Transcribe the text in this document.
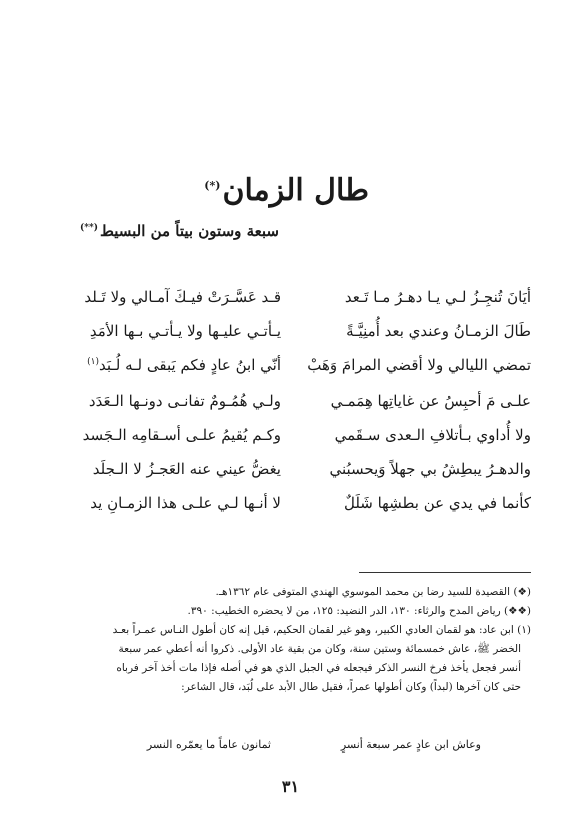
طال الزمان(*)
سبعة وستون بيتاً من البسيط(**)
أيَانَ تُنجِـزُ لـي يـا دهـرُ مـا تَـعد
قـد عَسَّـرَتْ فيـكَ آمـالي ولا تَـلد
طَالَ الزمـانُ وعندي بعد أُمنِيَّـةً
يـأتـي عليـها ولا يـأتـي بـها الأمَدِ
تمضي الليالي ولا أقضي المرامَ وَهَبْ
أنّي ابنُ عادٍ فكم يَبقى لـه لُـبَد$^{(١)}$
علـى مَ أحبِسُ عن غاياتِها هِمَمـي
ولـي هُمُـومٌ تفانـى دونـها الـعَدَد
ولا أُداوي بـأتلافِ الـعدى سـقَمي
وكـم يُقيمُ علـى أسـقامِه الـجَسد
والدهـرُ يبطِشُ بي جهلاً وَيحسبُني
يغضُّ عيني عنه العَجـزُ لا الـجلَد
كأنما في يدي عن بطشِها شَلَلٌ
لا أنـها لـي علـى هذا الزمـانِ يد
(❖) القصيدة للسيد رضا بن محمد الموسوي الهندي المتوفى عام ١٣٦٢هـ.
(❖❖) رياض المدح والرثاء: ١٣٠، الدر النضيد: ١٢٥، من لا يحضره الخطيب: ٣٩٠.
(١) ابن عاد: هو لقمان العادي الكبير، وهو غير لقمان الحكيم، قيل إنه كان أطول النـاس عمـراً بعـد
الخضر ﷺ، عاش خمسمائة وستين سنة، وكان من بقية عاد الأولى. ذكروا أنه أعطي عمر سبعة
أنسر فجعل يأخذ فرخ النسر الذكر فيجعله في الجبل الذي هو في أصله فإذا مات أخذ آخر فرباه
حتى كان آخرها (لبداً) وكان أطولها عمراً، فقيل طال الأبد على لُبَد، قال الشاعر:
وعاش ابن عادٍ عمر سبعة أنسرٍ
ثمانون عاماً ما يعمّره النسر
٣١
